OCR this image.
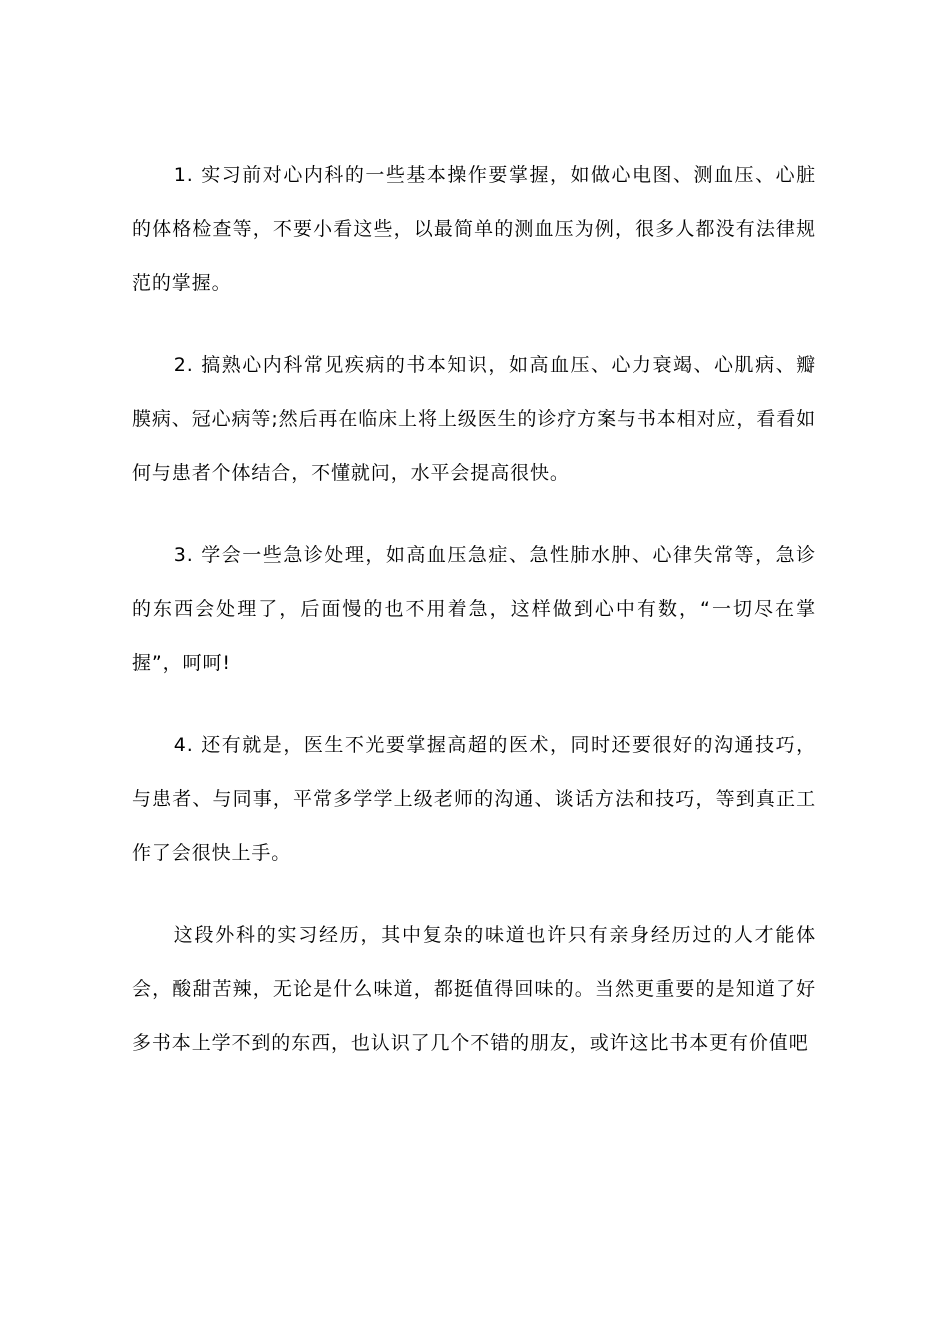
1. 实习前对心内科的一些基本操作要掌握，如做心电图、测血压、心脏的体格检查等，不要小看这些，以最简单的测血压为例，很多人都没有法律规范的掌握。

2. 搞熟心内科常见疾病的书本知识，如高血压、心力衰竭、心肌病、瓣膜病、冠心病等;然后再在临床上将上级医生的诊疗方案与书本相对应，看看如何与患者个体结合，不懂就问，水平会提高很快。

3. 学会一些急诊处理，如高血压急症、急性肺水肿、心律失常等，急诊的东西会处理了，后面慢的也不用着急，这样做到心中有数，“一切尽在掌握”，呵呵!

4. 还有就是，医生不光要掌握高超的医术，同时还要很好的沟通技巧，与患者、与同事，平常多学学上级老师的沟通、谈话方法和技巧，等到真正工作了会很快上手。

这段外科的实习经历，其中复杂的味道也许只有亲身经历过的人才能体会，酸甜苦辣，无论是什么味道，都挺值得回味的。当然更重要的是知道了好多书本上学不到的东西，也认识了几个不错的朋友，或许这比书本更有价值吧
